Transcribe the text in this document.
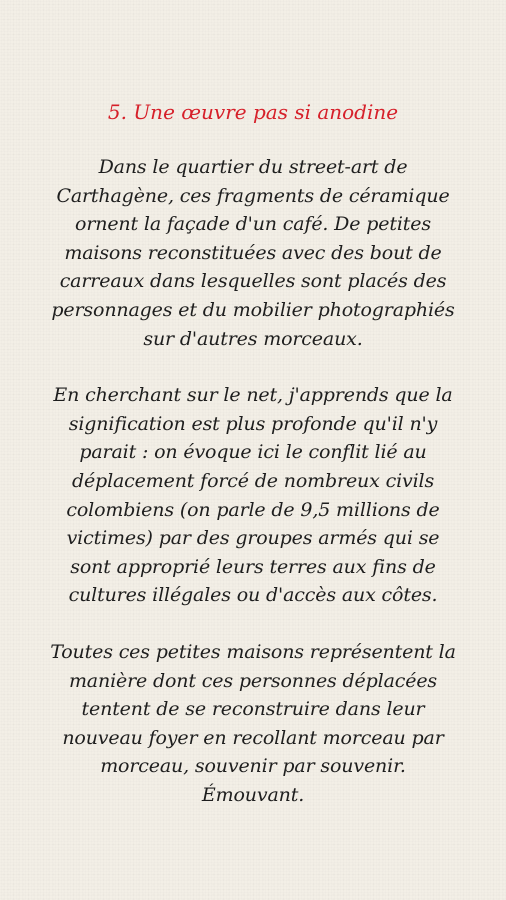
5. Une œuvre pas si anodine

Dans le quartier du street-art de
Carthagène, ces fragments de céramique
ornent la façade d'un café. De petites
maisons reconstituées avec des bout de
carreaux dans lesquelles sont placés des
personnages et du mobilier photographiés
sur d'autres morceaux.

En cherchant sur le net, j'apprends que la
signification est plus profonde qu'il n'y
parait : on évoque ici le conflit lié au
déplacement forcé de nombreux civils
colombiens (on parle de 9,5 millions de
victimes) par des groupes armés qui se
sont approprié leurs terres aux fins de
cultures illégales ou d'accès aux côtes.

Toutes ces petites maisons représentent la
manière dont ces personnes déplacées
tentent de se reconstruire dans leur
nouveau foyer en recollant morceau par
morceau, souvenir par souvenir.
Émouvant.
